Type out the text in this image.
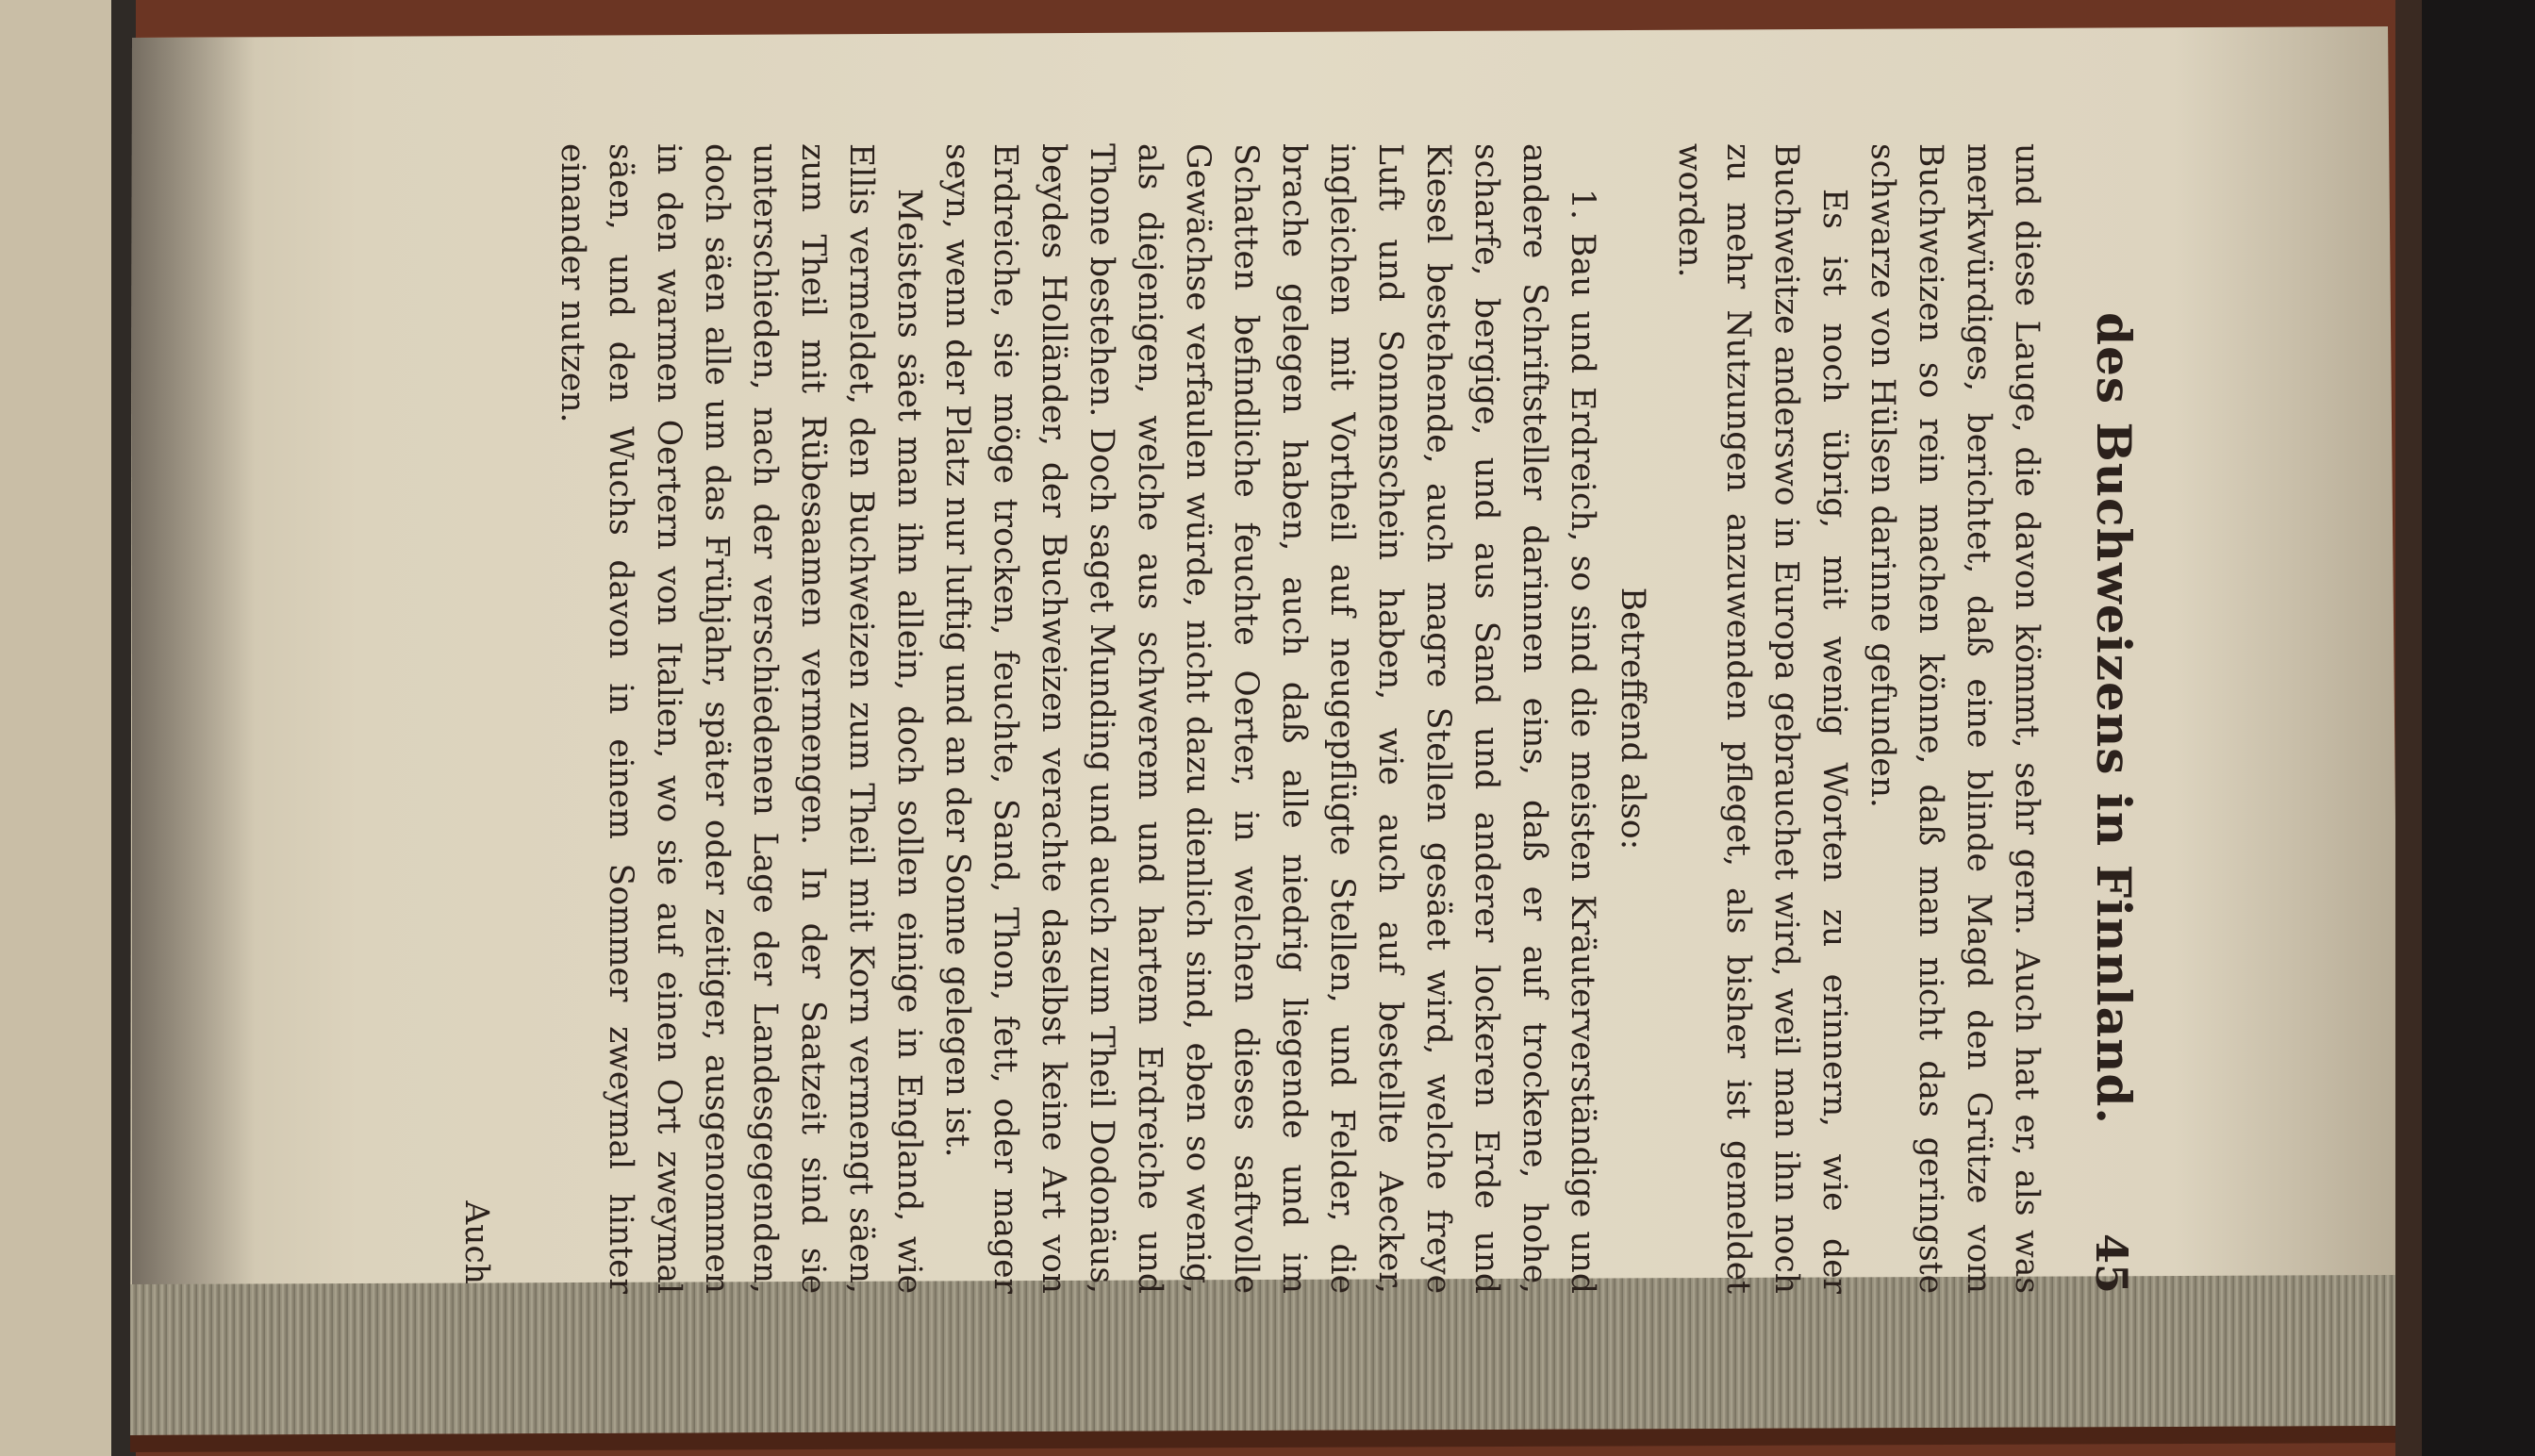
des Buchweizens in Finnland.
45

und diese Lauge, die davon kömmt, sehr gern. Auch hat er, als was merkwürdiges, berichtet, daß eine blinde Magd den Grütze vom Buchweizen so rein machen könne, daß man nicht das geringste schwarze von Hülsen darinne gefunden.

Es ist noch übrig, mit wenig Worten zu erinnern, wie der Buchweitze anderswo in Europa gebrauchet wird, weil man ihn noch zu mehr Nutzungen anzuwenden pfleget, als bisher ist gemeldet worden.

Betreffend also:

1. Bau und Erdreich, so sind die meisten Kräuterverständige und andere Schriftsteller darinnen eins, daß er auf trockene, hohe, scharfe, bergige, und aus Sand und anderer lockeren Erde und Kiesel bestehende, auch magre Stellen gesäet wird, welche freye Luft und Sonnenschein haben, wie auch auf bestellte Aecker, ingleichen mit Vortheil auf neugepflügte Stellen, und Felder, die brache gelegen haben, auch daß alle niedrig liegende und im Schatten befindliche feuchte Oerter, in welchen dieses saftvolle Gewächse verfaulen würde, nicht dazu dienlich sind, eben so wenig, als diejenigen, welche aus schwerem und hartem Erdreiche und Thone bestehen. Doch saget Munding und auch zum Theil Dodonäus, beydes Holländer, der Buchweizen verachte daselbst keine Art von Erdreiche, sie möge trocken, feuchte, Sand, Thon, fett, oder mager seyn, wenn der Platz nur luftig und an der Sonne gelegen ist.

Meistens säet man ihn allein, doch sollen einige in England, wie Ellis vermeldet, den Buchweizen zum Theil mit Korn vermengt säen, zum Theil mit Rübesaamen vermengen. In der Saatzeit sind sie unterschieden, nach der verschiedenen Lage der Landesgegenden, doch säen alle um das Frühjahr, später oder zeitiger, ausgenommen in den warmen Oertern von Italien, wo sie auf einen Ort zweymal säen, und den Wuchs davon in einem Sommer zweymal hinter einander nutzen.

Auch
